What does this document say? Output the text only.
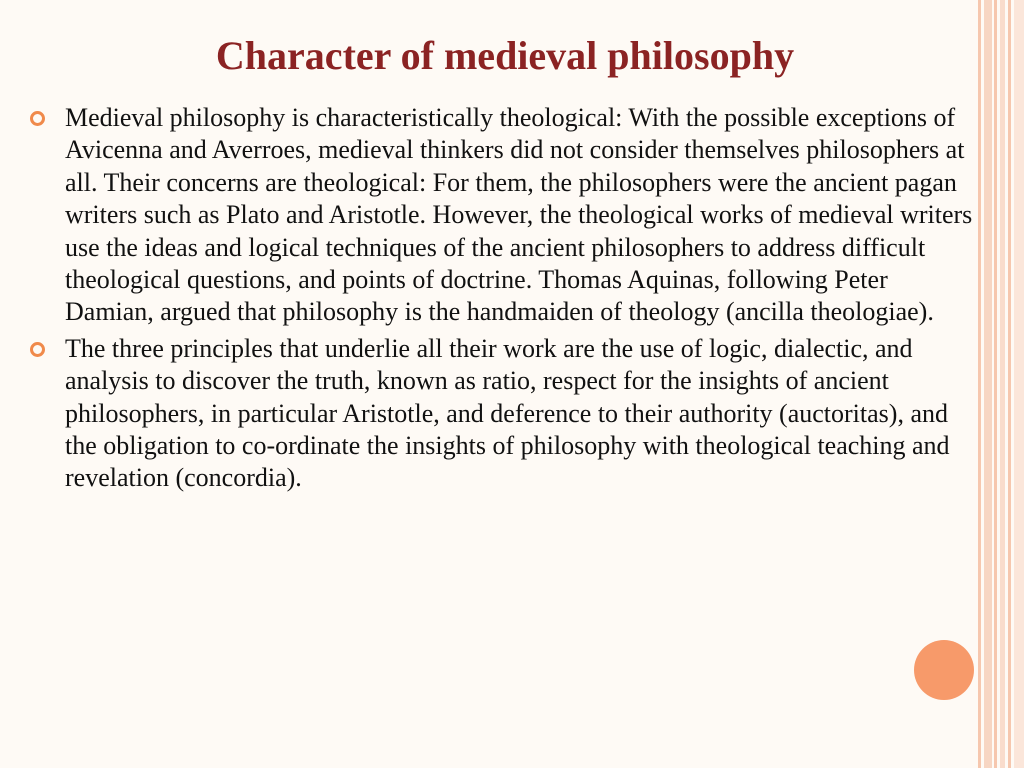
Character of medieval philosophy
Medieval philosophy is characteristically theological: With the possible exceptions of Avicenna and Averroes, medieval thinkers did not consider themselves philosophers at all. Their concerns are theological: For them, the philosophers were the ancient pagan writers such as Plato and Aristotle. However, the theological works of medieval writers use the ideas and logical techniques of the ancient philosophers to address difficult theological questions, and points of doctrine. Thomas Aquinas, following Peter Damian, argued that philosophy is the handmaiden of theology (ancilla theologiae).
The three principles that underlie all their work are the use of logic, dialectic, and analysis to discover the truth, known as ratio, respect for the insights of ancient philosophers, in particular Aristotle, and deference to their authority (auctoritas), and the obligation to co-ordinate the insights of philosophy with theological teaching and revelation (concordia).
